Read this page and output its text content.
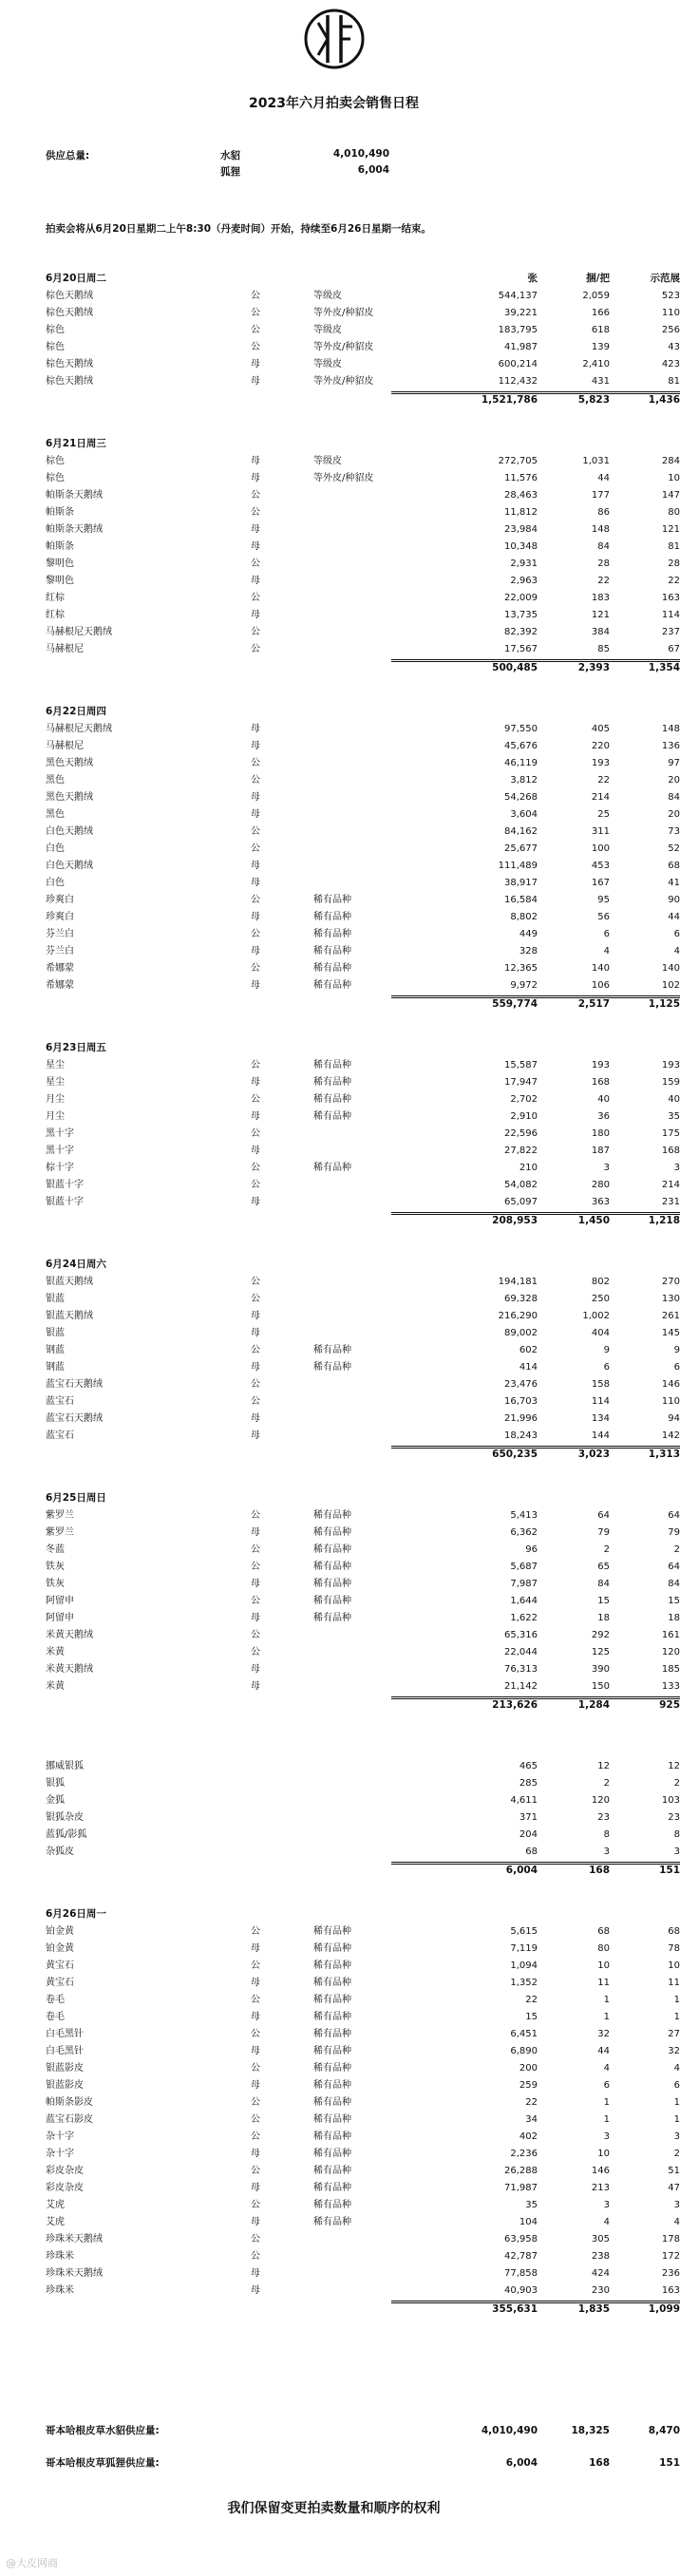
2023年六月拍卖会销售日程
供应总量:	水貂	4,010,490
狐狸	6,004
拍卖会将从6月20日星期二上午8:30（丹麦时间）开始，持续至6月26日星期一结束。
6月20日周二	张	捆/把	示范展
棕色天鹅绒	公	等级皮	544,137	2,059	523
棕色天鹅绒	公	等外皮/种貂皮	39,221	166	110
棕色	公	等级皮	183,795	618	256
棕色	公	等外皮/种貂皮	41,987	139	43
棕色天鹅绒	母	等级皮	600,214	2,410	423
棕色天鹅绒	母	等外皮/种貂皮	112,432	431	81
1,521,786	5,823	1,436
6月21日周三
棕色	母	等级皮	272,705	1,031	284
棕色	母	等外皮/种貂皮	11,576	44	10
帕斯条天鹅绒	公	28,463	177	147
帕斯条	公	11,812	86	80
帕斯条天鹅绒	母	23,984	148	121
帕斯条	母	10,348	84	81
黎明色	公	2,931	28	28
黎明色	母	2,963	22	22
红棕	公	22,009	183	163
红棕	母	13,735	121	114
马赫根尼天鹅绒	公	82,392	384	237
马赫根尼	公	17,567	85	67
500,485	2,393	1,354
6月22日周四
马赫根尼天鹅绒	母	97,550	405	148
马赫根尼	母	45,676	220	136
黑色天鹅绒	公	46,119	193	97
黑色	公	3,812	22	20
黑色天鹅绒	母	54,268	214	84
黑色	母	3,604	25	20
白色天鹅绒	公	84,162	311	73
白色	公	25,677	100	52
白色天鹅绒	母	111,489	453	68
白色	母	38,917	167	41
珍爽白	公	稀有品种	16,584	95	90
珍爽白	母	稀有品种	8,802	56	44
芬兰白	公	稀有品种	449	6	6
芬兰白	母	稀有品种	328	4	4
希娜蒙	公	稀有品种	12,365	140	140
希娜蒙	母	稀有品种	9,972	106	102
559,774	2,517	1,125
6月23日周五
星尘	公	稀有品种	15,587	193	193
星尘	母	稀有品种	17,947	168	159
月尘	公	稀有品种	2,702	40	40
月尘	母	稀有品种	2,910	36	35
黑十字	公	22,596	180	175
黑十字	母	27,822	187	168
棕十字	公	稀有品种	210	3	3
银蓝十字	公	54,082	280	214
银蓝十字	母	65,097	363	231
208,953	1,450	1,218
6月24日周六
银蓝天鹅绒	公	194,181	802	270
银蓝	公	69,328	250	130
银蓝天鹅绒	母	216,290	1,002	261
银蓝	母	89,002	404	145
钢蓝	公	稀有品种	602	9	9
钢蓝	母	稀有品种	414	6	6
蓝宝石天鹅绒	公	23,476	158	146
蓝宝石	公	16,703	114	110
蓝宝石天鹅绒	母	21,996	134	94
蓝宝石	母	18,243	144	142
650,235	3,023	1,313
6月25日周日
紫罗兰	公	稀有品种	5,413	64	64
紫罗兰	母	稀有品种	6,362	79	79
冬蓝	公	稀有品种	96	2	2
铁灰	公	稀有品种	5,687	65	64
铁灰	母	稀有品种	7,987	84	84
阿留申	公	稀有品种	1,644	15	15
阿留申	母	稀有品种	1,622	18	18
米黄天鹅绒	公	65,316	292	161
米黄	公	22,044	125	120
米黄天鹅绒	母	76,313	390	185
米黄	母	21,142	150	133
213,626	1,284	925
挪威银狐	465	12	12
银狐	285	2	2
金狐	4,611	120	103
银狐杂皮	371	23	23
蓝狐/影狐	204	8	8
杂狐皮	68	3	3
6,004	168	151
6月26日周一
铂金黄	公	稀有品种	5,615	68	68
铂金黄	母	稀有品种	7,119	80	78
黄宝石	公	稀有品种	1,094	10	10
黄宝石	母	稀有品种	1,352	11	11
卷毛	公	稀有品种	22	1	1
卷毛	母	稀有品种	15	1	1
白毛黑针	公	稀有品种	6,451	32	27
白毛黑针	母	稀有品种	6,890	44	32
银蓝影皮	公	稀有品种	200	4	4
银蓝影皮	母	稀有品种	259	6	6
帕斯条影皮	公	稀有品种	22	1	1
蓝宝石影皮	公	稀有品种	34	1	1
杂十字	公	稀有品种	402	3	3
杂十字	母	稀有品种	2,236	10	2
彩皮杂皮	公	稀有品种	26,288	146	51
彩皮杂皮	母	稀有品种	71,987	213	47
艾虎	公	稀有品种	35	3	3
艾虎	母	稀有品种	104	4	4
珍珠米天鹅绒	公	63,958	305	178
珍珠米	公	42,787	238	172
珍珠米天鹅绒	母	77,858	424	236
珍珠米	母	40,903	230	163
355,631	1,835	1,099
哥本哈根皮草水貂供应量:	4,010,490	18,325	8,470
哥本哈根皮草狐狸供应量:	6,004	168	151
我们保留变更拍卖数量和顺序的权利
@大皮网商
